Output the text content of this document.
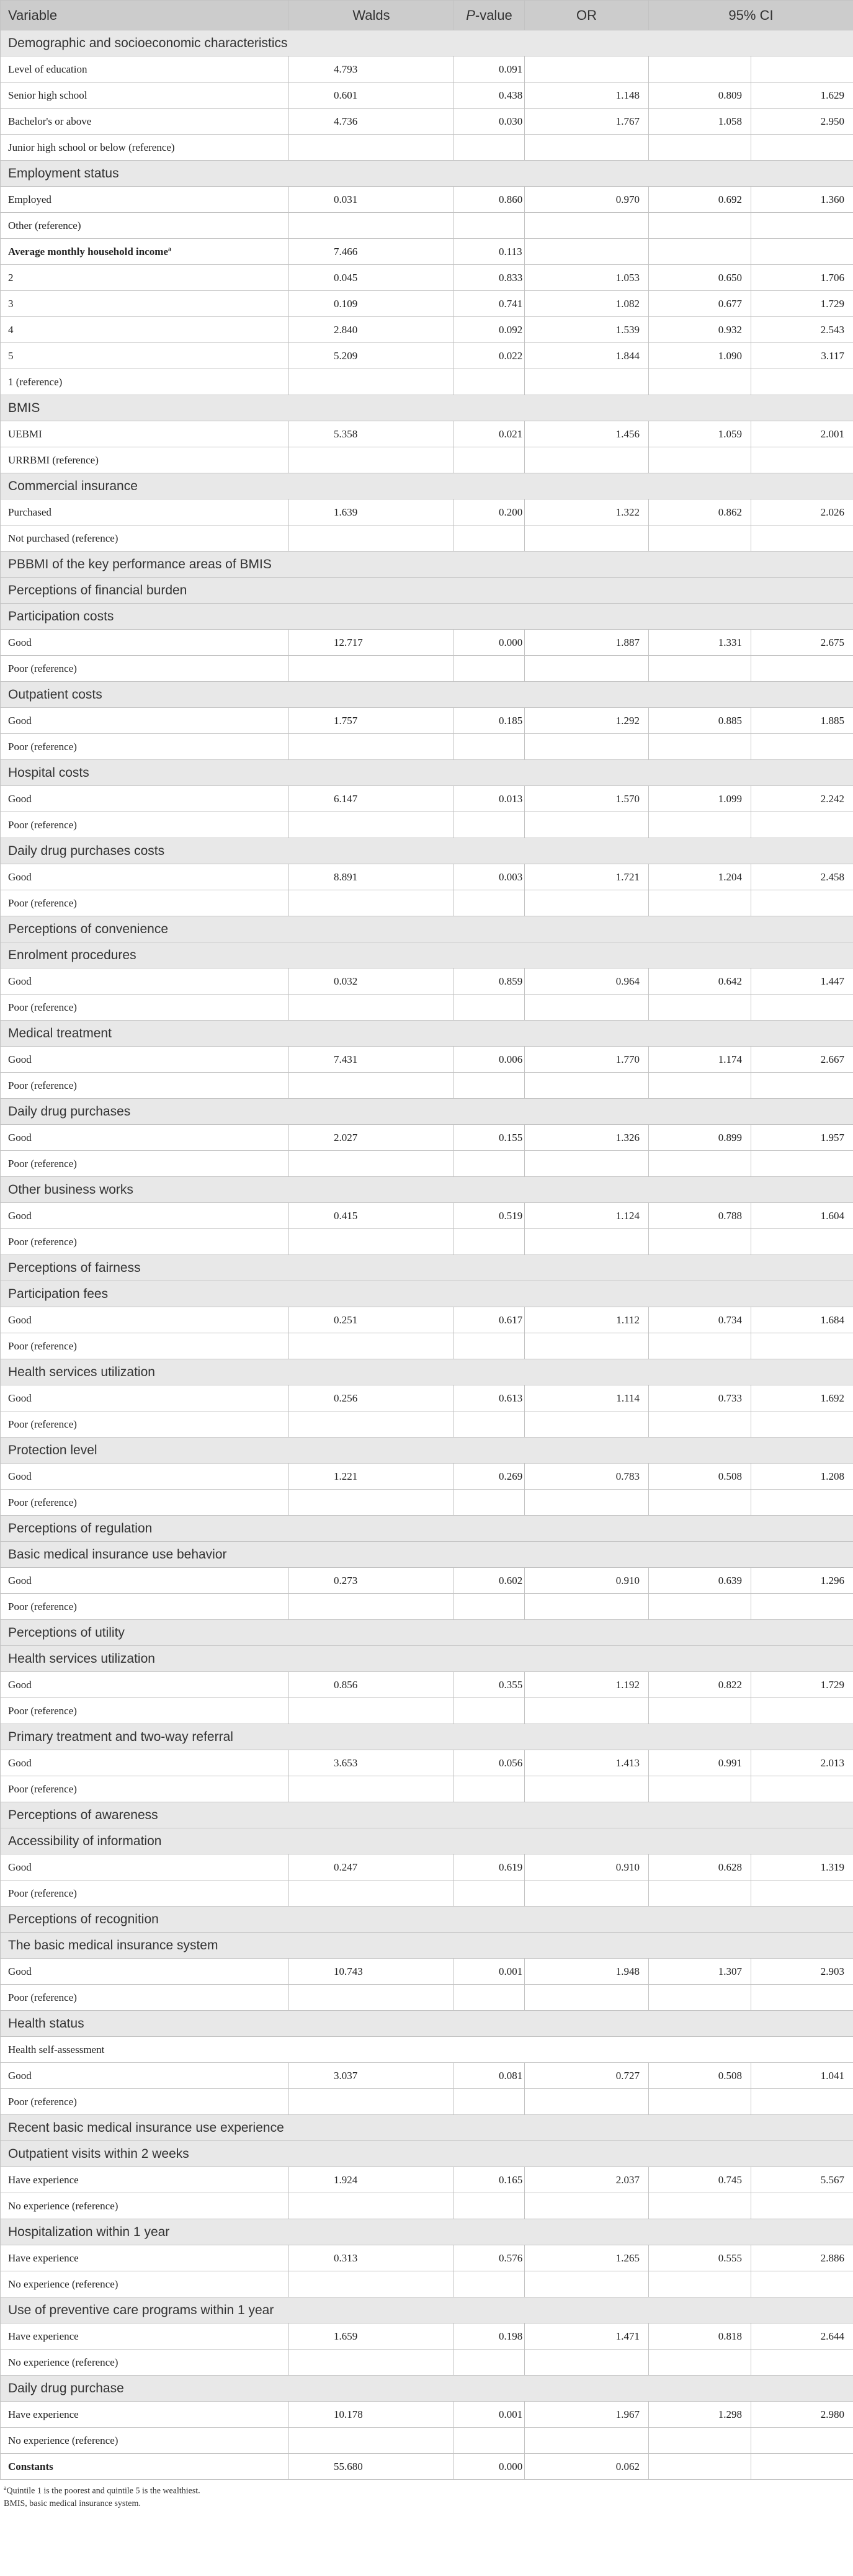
Variable	Walds	P-value	OR	95% CI	
Demographic and socioeconomic characteristics					
Level of education	4.793	0.091			
Senior high school	0.601	0.438	1.148	0.809	1.629
Bachelor's or above	4.736	0.030	1.767	1.058	2.950
Junior high school or below (reference)					
Employment status					
Employed	0.031	0.860	0.970	0.692	1.360
Other (reference)					
Average monthly household income$^a$	7.466	0.113			
2	0.045	0.833	1.053	0.650	1.706
3	0.109	0.741	1.082	0.677	1.729
4	2.840	0.092	1.539	0.932	2.543
5	5.209	0.022	1.844	1.090	3.117
1 (reference)					
BMIS					
UEBMI	5.358	0.021	1.456	1.059	2.001
URRBMI (reference)					
Commercial insurance					
Purchased	1.639	0.200	1.322	0.862	2.026
Not purchased (reference)					
PBBMI of the key performance areas of BMIS					
Perceptions of financial burden					
Participation costs					
Good	12.717	0.000	1.887	1.331	2.675
Poor (reference)					
Outpatient costs					
Good	1.757	0.185	1.292	0.885	1.885
Poor (reference)					
Hospital costs					
Good	6.147	0.013	1.570	1.099	2.242
Poor (reference)					
Daily drug purchases costs					
Good	8.891	0.003	1.721	1.204	2.458
Poor (reference)					
Perceptions of convenience					
Enrolment procedures					
Good	0.032	0.859	0.964	0.642	1.447
Poor (reference)					
Medical treatment					
Good	7.431	0.006	1.770	1.174	2.667
Poor (reference)					
Daily drug purchases					
Good	2.027	0.155	1.326	0.899	1.957
Poor (reference)					
Other business works					
Good	0.415	0.519	1.124	0.788	1.604
Poor (reference)					
Perceptions of fairness					
Participation fees					
Good	0.251	0.617	1.112	0.734	1.684
Poor (reference)					
Health services utilization					
Good	0.256	0.613	1.114	0.733	1.692
Poor (reference)					
Protection level					
Good	1.221	0.269	0.783	0.508	1.208
Poor (reference)					
Perceptions of regulation					
Basic medical insurance use behavior					
Good	0.273	0.602	0.910	0.639	1.296
Poor (reference)					
Perceptions of utility					
Health services utilization					
Good	0.856	0.355	1.192	0.822	1.729
Poor (reference)					
Primary treatment and two-way referral					
Good	3.653	0.056	1.413	0.991	2.013
Poor (reference)					
Perceptions of awareness					
Accessibility of information					
Good	0.247	0.619	0.910	0.628	1.319
Poor (reference)					
Perceptions of recognition					
The basic medical insurance system					
Good	10.743	0.001	1.948	1.307	2.903
Poor (reference)					
Health status					
Health self-assessment					
Good	3.037	0.081	0.727	0.508	1.041
Poor (reference)					
Recent basic medical insurance use experience					
Outpatient visits within 2 weeks					
Have experience	1.924	0.165	2.037	0.745	5.567
No experience (reference)					
Hospitalization within 1 year					
Have experience	0.313	0.576	1.265	0.555	2.886
No experience (reference)					
Use of preventive care programs within 1 year					
Have experience	1.659	0.198	1.471	0.818	2.644
No experience (reference)					
Daily drug purchase					
Have experience	10.178	0.001	1.967	1.298	2.980
No experience (reference)					
Constants	55.680	0.000	0.062		
$^a$Quintile 1 is the poorest and quintile 5 is the wealthiest.
BMIS, basic medical insurance system.
